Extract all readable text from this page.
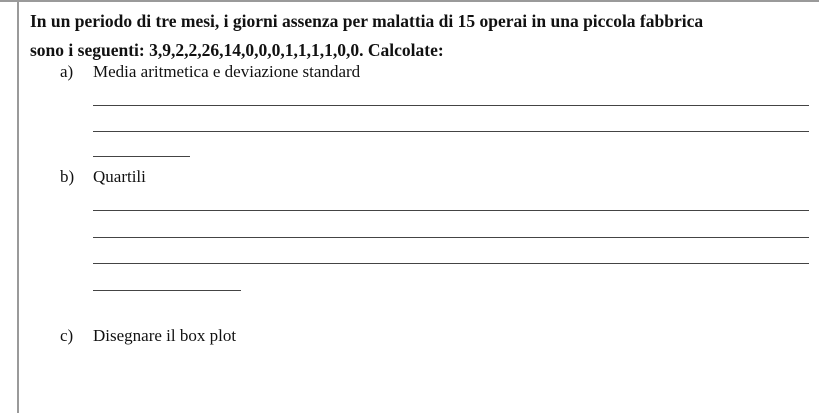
In un periodo di tre mesi, i giorni assenza per malattia di 15 operai in una piccola fabbrica
sono i seguenti: 3,9,2,2,26,14,0,0,0,1,1,1,1,0,0. Calcolate:
a) Media aritmetica e deviazione standard
b) Quartili
c) Disegnare il box plot
